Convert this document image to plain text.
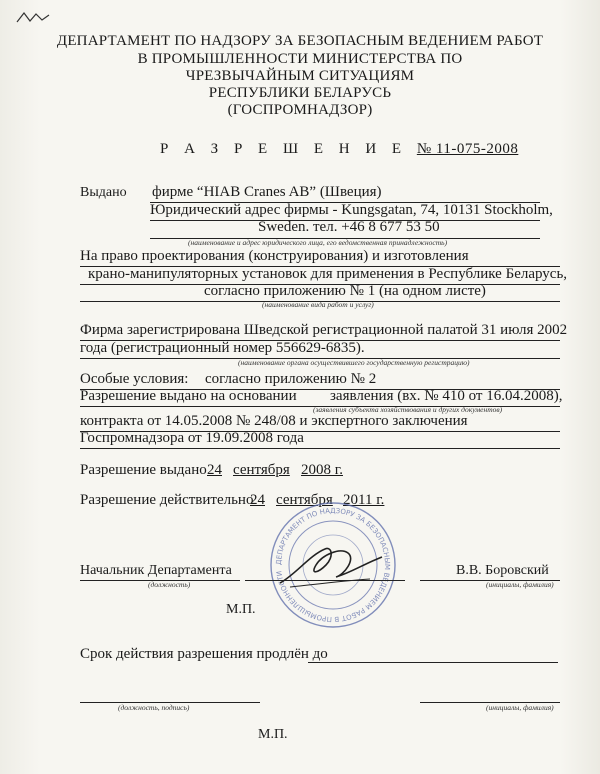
ДЕПАРТАМЕНТ ПО НАДЗОРУ ЗА БЕЗОПАСНЫМ ВЕДЕНИЕМ РАБОТ
В ПРОМЫШЛЕННОСТИ МИНИСТЕРСТВА ПО
ЧРЕЗВЫЧАЙНЫМ СИТУАЦИЯМ
РЕСПУБЛИКИ БЕЛАРУСЬ
(ГОСПРОМНАДЗОР)
Р А З Р Е Ш Е Н И Е № 11-075-2008
Выдано фирме “HIAB Cranes AB” (Швеция)
Юридический адрес фирмы - Kungsgatan, 74, 10131 Stockholm,
Sweden. тел. +46 8 677 53 50
(наименование и адрес юридического лица, его ведомственная принадлежность)
На право проектирования (конструирования) и изготовления
крано-манипуляторных установок для применения в Республике Беларусь,
согласно приложению № 1 (на одном листе)
(наименование вида работ и услуг)
Фирма зарегистрирована Шведской регистрационной палатой 31 июля 2002
года (регистрационный номер 556629-6835).
(наименование органа осуществившего государственную регистрацию)
Особые условия: согласно приложению № 2
Разрешение выдано на основании заявления (вх. № 410 от 16.04.2008),
(заявления субъекта хозяйствования и других документов)
контракта от 14.05.2008 № 248/08 и экспертного заключения
Госпромнадзора от 19.09.2008 года
Разрешение выдано 24 сентября 2008 г.
Разрешение действительно
24 сентября 2011 г.
ДЕПАРТАМЕНТ ПО НАДЗОРУ ЗА БЕЗОПАСНЫМ ВЕДЕНИЕМ РАБОТ В ПРОМЫШЛЕННОСТИ
Начальник Департамента
(должность)
В.В. Боровский
(инициалы, фамилия)
М.П.
Срок действия разрешения продлён до
(должность, подпись)	(инициалы, фамилия)
М.П.
